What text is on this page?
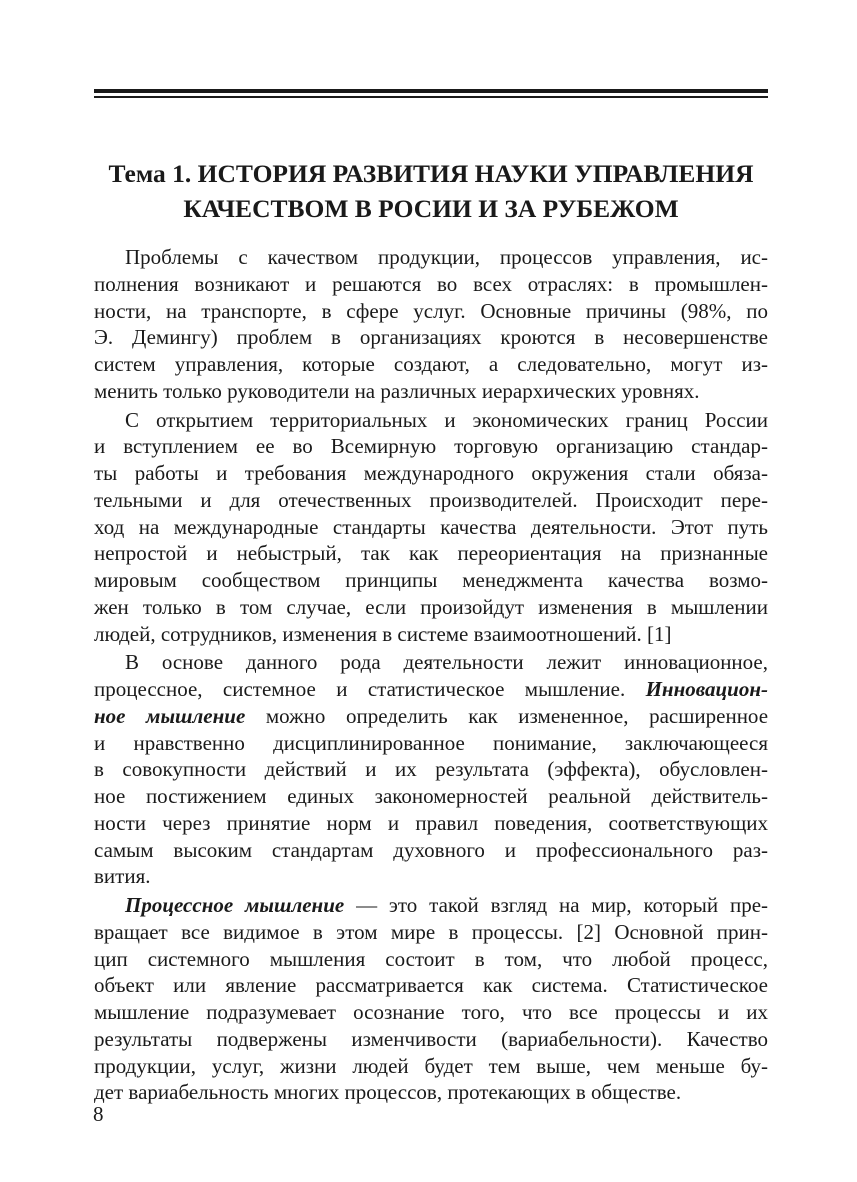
Тема 1. ИСТОРИЯ РАЗВИТИЯ НАУКИ УПРАВЛЕНИЯ
КАЧЕСТВОМ В РОСИИ И ЗА РУБЕЖОМ
Проблемы с качеством продукции, процессов управления, ис-
полнения возникают и решаются во всех отраслях: в промышлен-
ности, на транспорте, в сфере услуг. Основные причины (98%, по
Э. Демингу) проблем в организациях кроются в несовершенстве
систем управления, которые создают, а следовательно, могут из-
менить только руководители на различных иерархических уровнях.
С открытием территориальных и экономических границ России
и вступлением ее во Всемирную торговую организацию стандар-
ты работы и требования международного окружения стали обяза-
тельными и для отечественных производителей. Происходит пере-
ход на международные стандарты качества деятельности. Этот путь
непростой и небыстрый, так как переориентация на признанные
мировым сообществом принципы менеджмента качества возмо-
жен только в том случае, если произойдут изменения в мышлении
людей, сотрудников, изменения в системе взаимоотношений. [1]
В основе данного рода деятельности лежит инновационное,
процессное, системное и статистическое мышление. Инновацион-
ное мышление можно определить как измененное, расширенное
и нравственно дисциплинированное понимание, заключающееся
в совокупности действий и их результата (эффекта), обусловлен-
ное постижением единых закономерностей реальной действитель-
ности через принятие норм и правил поведения, соответствующих
самым высоким стандартам духовного и профессионального раз-
вития.
Процессное мышление — это такой взгляд на мир, который пре-
вращает все видимое в этом мире в процессы. [2] Основной прин-
цип системного мышления состоит в том, что любой процесс,
объект или явление рассматривается как система. Статистическое
мышление подразумевает осознание того, что все процессы и их
результаты подвержены изменчивости (вариабельности). Качество
продукции, услуг, жизни людей будет тем выше, чем меньше бу-
дет вариабельность многих процессов, протекающих в обществе.
8
